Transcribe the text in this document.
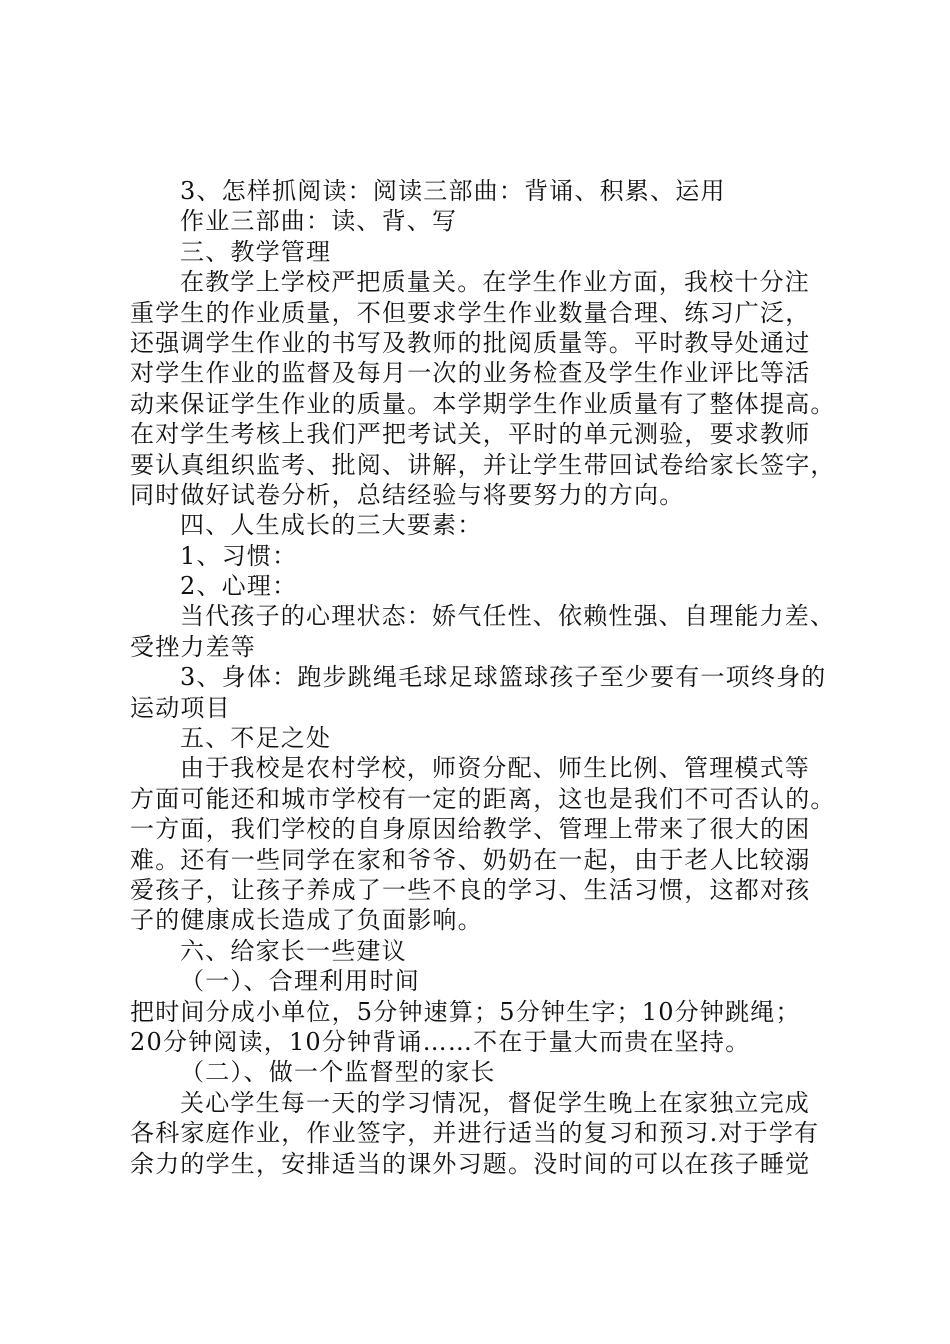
3、怎样抓阅读：阅读三部曲：背诵、积累、运用
作业三部曲：读、背、写
三、教学管理
在教学上学校严把质量关。在学生作业方面，我校十分注
重学生的作业质量，不但要求学生作业数量合理、练习广泛，
还强调学生作业的书写及教师的批阅质量等。平时教导处通过
对学生作业的监督及每月一次的业务检查及学生作业评比等活
动来保证学生作业的质量。本学期学生作业质量有了整体提高。
在对学生考核上我们严把考试关，平时的单元测验，要求教师
要认真组织监考、批阅、讲解，并让学生带回试卷给家长签字，
同时做好试卷分析，总结经验与将要努力的方向。
四、人生成长的三大要素：
1、习惯：
2、心理：
当代孩子的心理状态：娇气任性、依赖性强、自理能力差、
受挫力差等
3、身体：跑步跳绳毛球足球篮球孩子至少要有一项终身的
运动项目
五、不足之处
由于我校是农村学校，师资分配、师生比例、管理模式等
方面可能还和城市学校有一定的距离，这也是我们不可否认的。
一方面，我们学校的自身原因给教学、管理上带来了很大的困
难。还有一些同学在家和爷爷、奶奶在一起，由于老人比较溺
爱孩子，让孩子养成了一些不良的学习、生活习惯，这都对孩
子的健康成长造成了负面影响。
六、给家长一些建议
（一）、合理利用时间
把时间分成小单位，5分钟速算；5分钟生字；10分钟跳绳；
20分钟阅读，10分钟背诵……不在于量大而贵在坚持。
（二）、做一个监督型的家长
关心学生每一天的学习情况，督促学生晚上在家独立完成
各科家庭作业，作业签字，并进行适当的复习和预习.对于学有
余力的学生，安排适当的课外习题。没时间的可以在孩子睡觉
